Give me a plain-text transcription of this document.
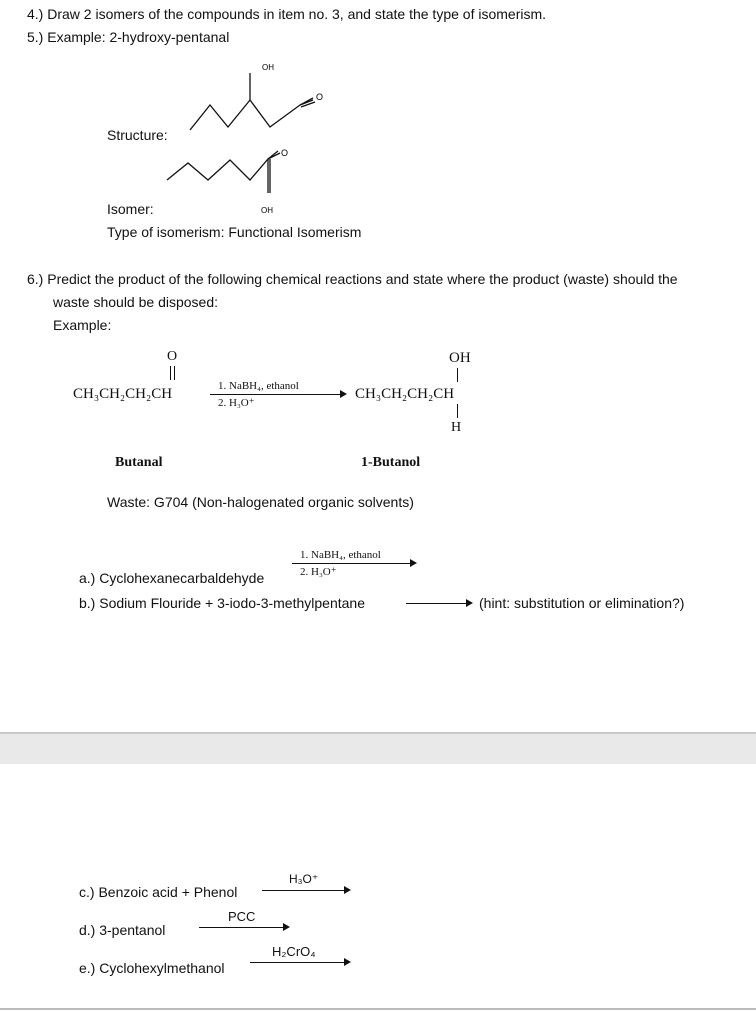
4.) Draw 2 isomers of the compounds in item no. 3, and state the type of isomerism.
5.) Example: 2-hydroxy-pentanal
Structure:
OH
O
O
OH
Isomer:
Type of isomerism: Functional Isomerism
6.) Predict the product of the following chemical reactions and state where the product (waste) should the
waste should be disposed:
Example:
O
CH₃CH₂CH₂CH	1. NaBH₄, ethanol
2. H₃O⁺
OH
CH₃CH₂CH₂CH
H
Butanal	1-Butanol
Waste: G704 (Non-halogenated organic solvents)
1. NaBH₄, ethanol
2. H₃O⁺
a.) Cyclohexanecarbaldehyde
b.) Sodium Flouride + 3-iodo-3-methylpentane	(hint: substitution or elimination?)
H₃O⁺
c.) Benzoic acid + Phenol
PCC
d.) 3-pentanol
H₂CrO₄
e.) Cyclohexylmethanol
